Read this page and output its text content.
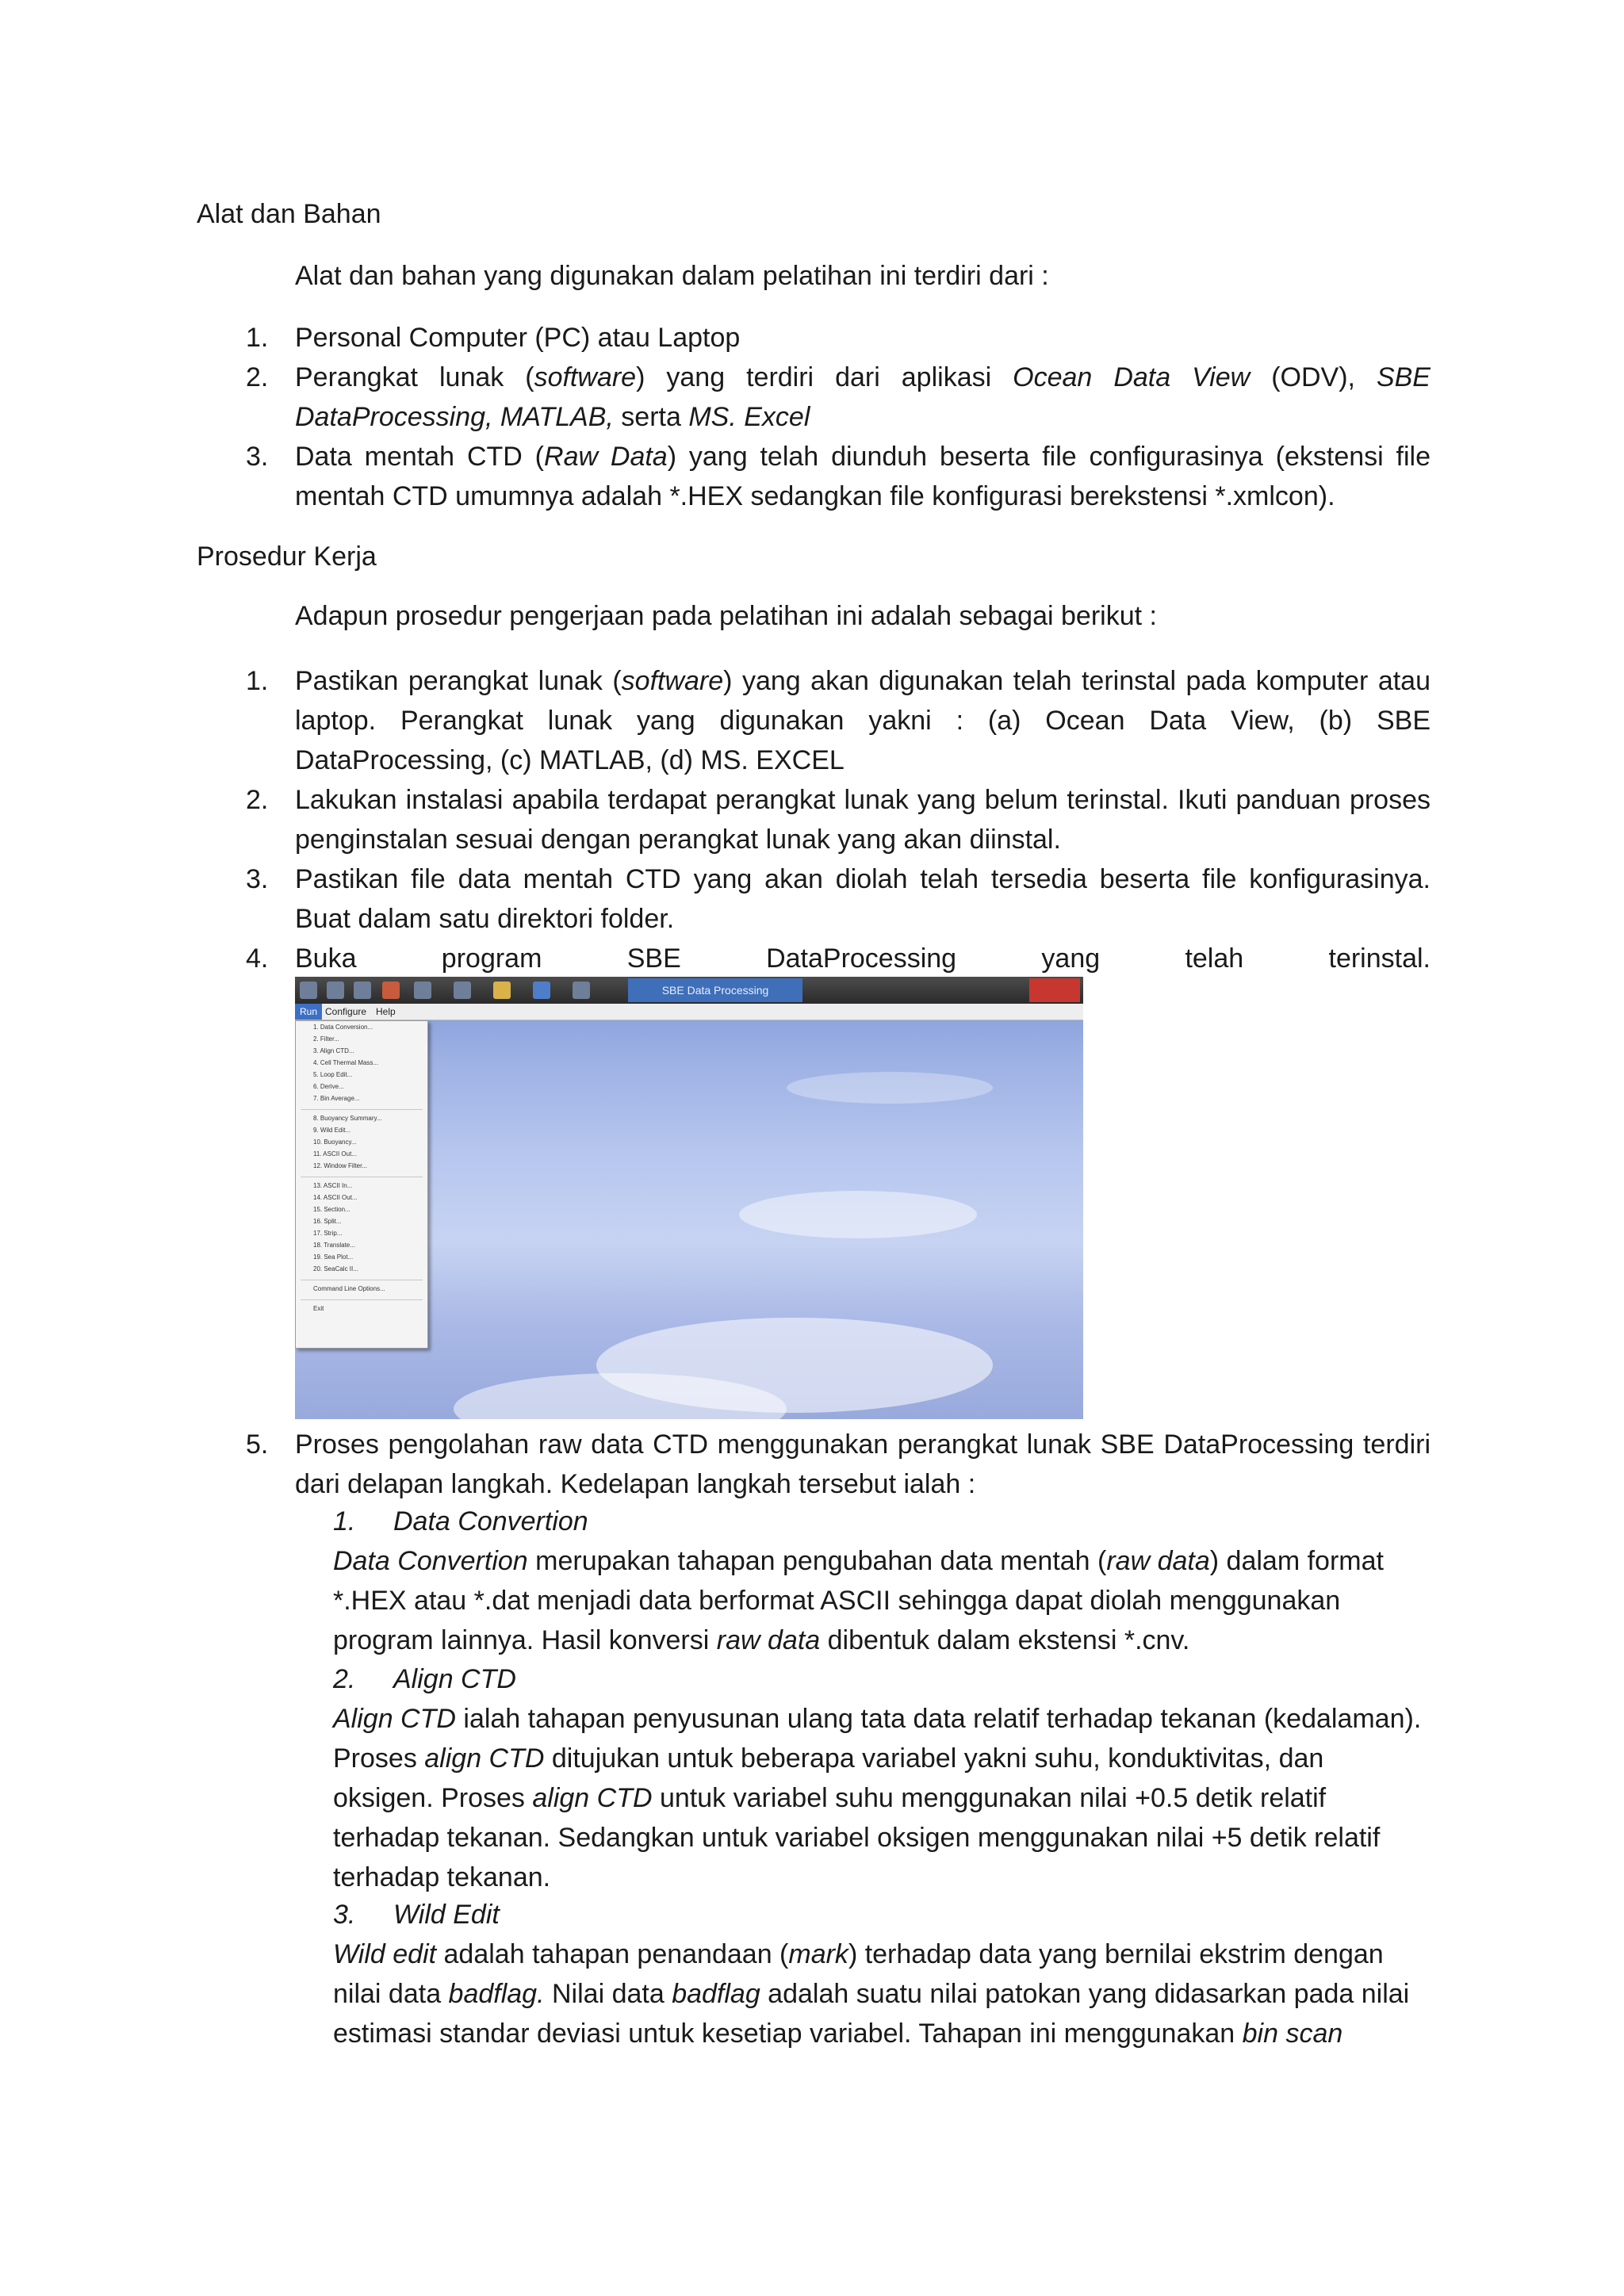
Alat dan Bahan
Alat dan bahan yang digunakan dalam pelatihan ini terdiri dari :
1. Personal Computer (PC) atau Laptop
2. Perangkat lunak (software) yang terdiri dari aplikasi Ocean Data View (ODV), SBE DataProcessing, MATLAB, serta MS. Excel
3. Data mentah CTD (Raw Data) yang telah diunduh beserta file configurasinya (ekstensi file mentah CTD umumnya adalah *.HEX sedangkan file konfigurasi berekstensi *.xmlcon).
Prosedur Kerja
Adapun prosedur pengerjaan pada pelatihan ini adalah sebagai berikut :
1. Pastikan perangkat lunak (software) yang akan digunakan telah terinstal pada komputer atau laptop. Perangkat lunak yang digunakan yakni : (a) Ocean Data View, (b) SBE DataProcessing, (c) MATLAB, (d) MS. EXCEL
2. Lakukan instalasi apabila terdapat perangkat lunak yang belum terinstal. Ikuti panduan proses penginstalan sesuai dengan perangkat lunak yang akan diinstal.
3. Pastikan file data mentah CTD yang akan diolah telah tersedia beserta file konfigurasinya. Buat dalam satu direktori folder.
4. Buka program SBE DataProcessing yang telah terinstal.
SBE Data Processing
Run Configure Help
1. Data Conversion...
2. Filter...
3. Align CTD...
4. Cell Thermal Mass...
5. Loop Edit...
6. Derive...
7. Bin Average...
8. Buoyancy Summary...
9. Wild Edit...
10. Buoyancy...
11. ASCII Out...
12. Window Filter...
13. ASCII In...
14. ASCII Out...
15. Section...
16. Split...
17. Strip...
18. Translate...
19. Sea Plot...
20. SeaCalc II...
Command Line Options...
Exit
5. Proses pengolahan raw data CTD menggunakan perangkat lunak SBE DataProcessing terdiri dari delapan langkah. Kedelapan langkah tersebut ialah :
1. Data Convertion
Data Convertion merupakan tahapan pengubahan data mentah (raw data) dalam format *.HEX atau *.dat menjadi data berformat ASCII sehingga dapat diolah menggunakan program lainnya. Hasil konversi raw data dibentuk dalam ekstensi *.cnv.
2. Align CTD
Align CTD ialah tahapan penyusunan ulang tata data relatif terhadap tekanan (kedalaman). Proses align CTD ditujukan untuk beberapa variabel yakni suhu, konduktivitas, dan oksigen. Proses align CTD untuk variabel suhu menggunakan nilai +0.5 detik relatif terhadap tekanan. Sedangkan untuk variabel oksigen menggunakan nilai +5 detik relatif terhadap tekanan.
3. Wild Edit
Wild edit adalah tahapan penandaan (mark) terhadap data yang bernilai ekstrim dengan nilai data badflag. Nilai data badflag adalah suatu nilai patokan yang didasarkan pada nilai estimasi standar deviasi untuk kesetiap variabel. Tahapan ini menggunakan bin scan
